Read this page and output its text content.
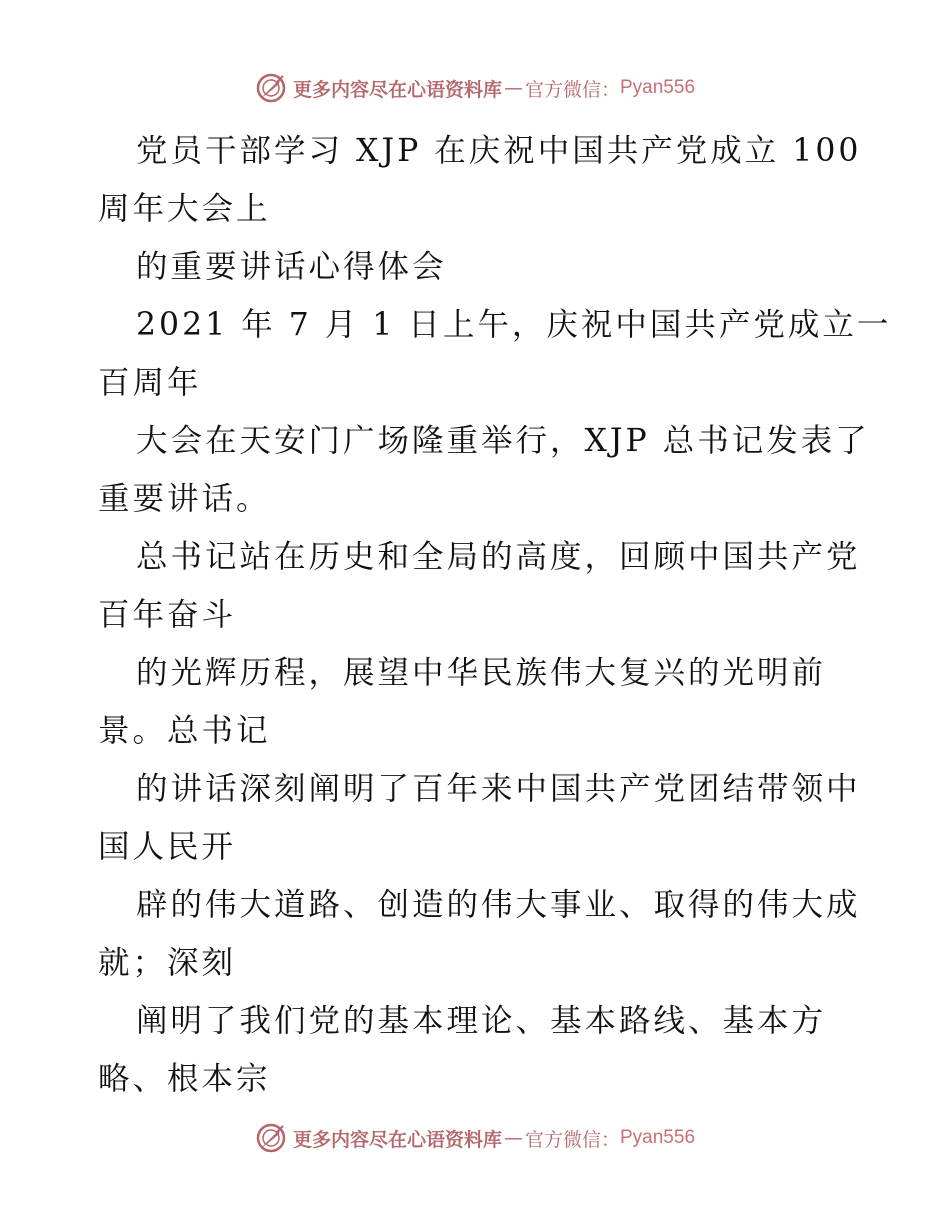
更多内容尽在心语资料库 — 官方微信： Pyan556
党员干部学习 XJP 在庆祝中国共产党成立 100
周年大会上
的重要讲话心得体会
2021 年 7 月 1 日上午，庆祝中国共产党成立一
百周年
大会在天安门广场隆重举行，XJP 总书记发表了
重要讲话。
总书记站在历史和全局的高度，回顾中国共产党
百年奋斗
的光辉历程，展望中华民族伟大复兴的光明前
景。总书记
的讲话深刻阐明了百年来中国共产党团结带领中
国人民开
辟的伟大道路、创造的伟大事业、取得的伟大成
就；深刻
阐明了我们党的基本理论、基本路线、基本方
略、根本宗
更多内容尽在心语资料库 — 官方微信： Pyan556
